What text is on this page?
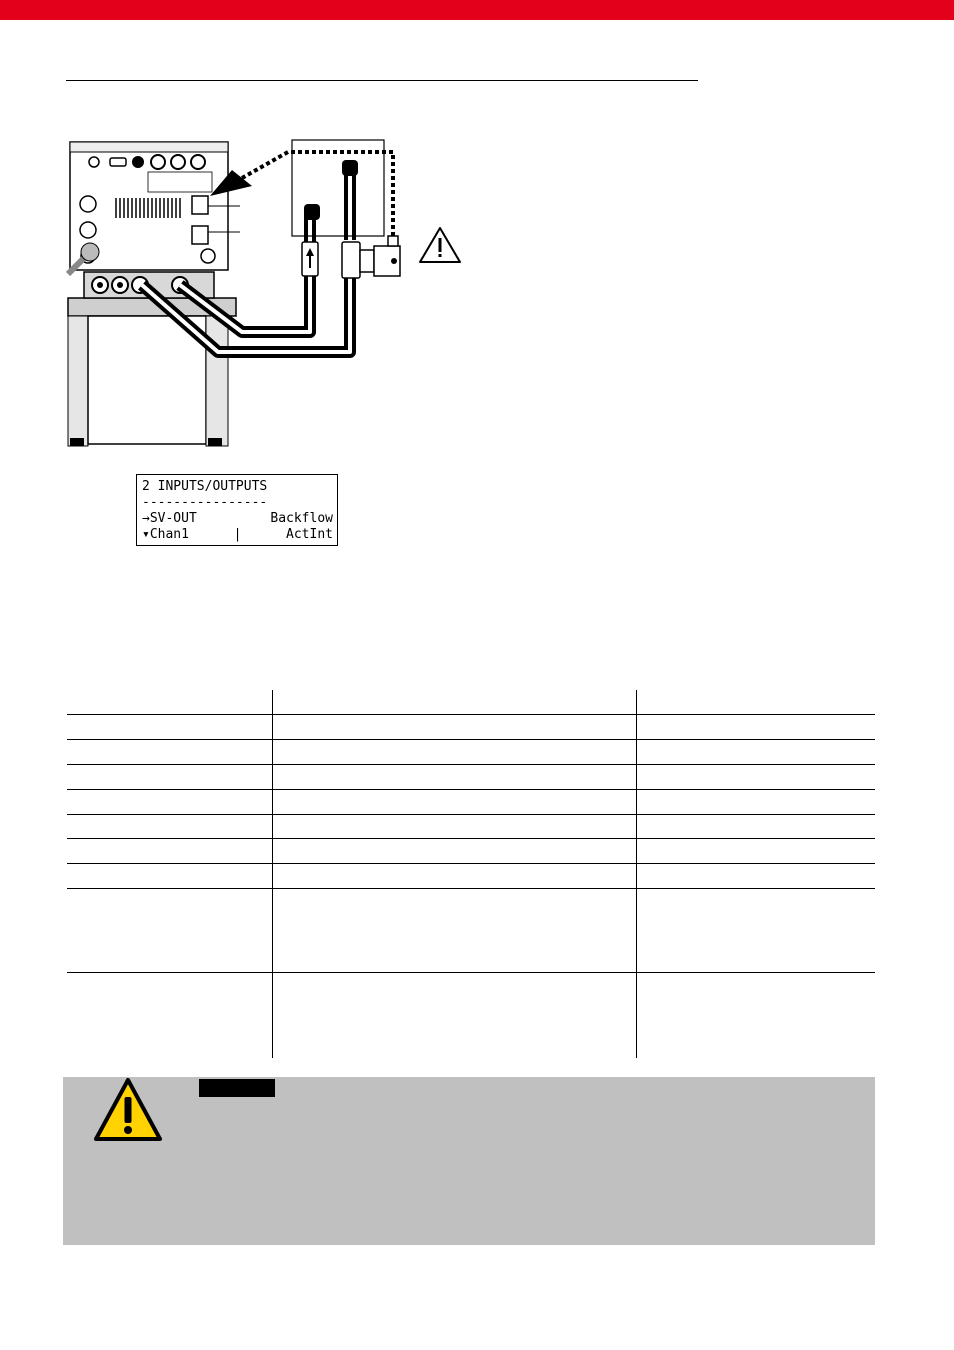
2 INPUTS/OUTPUTS
----------------
→SV-OUT	Backflow
▾Chan1	|	ActInt
